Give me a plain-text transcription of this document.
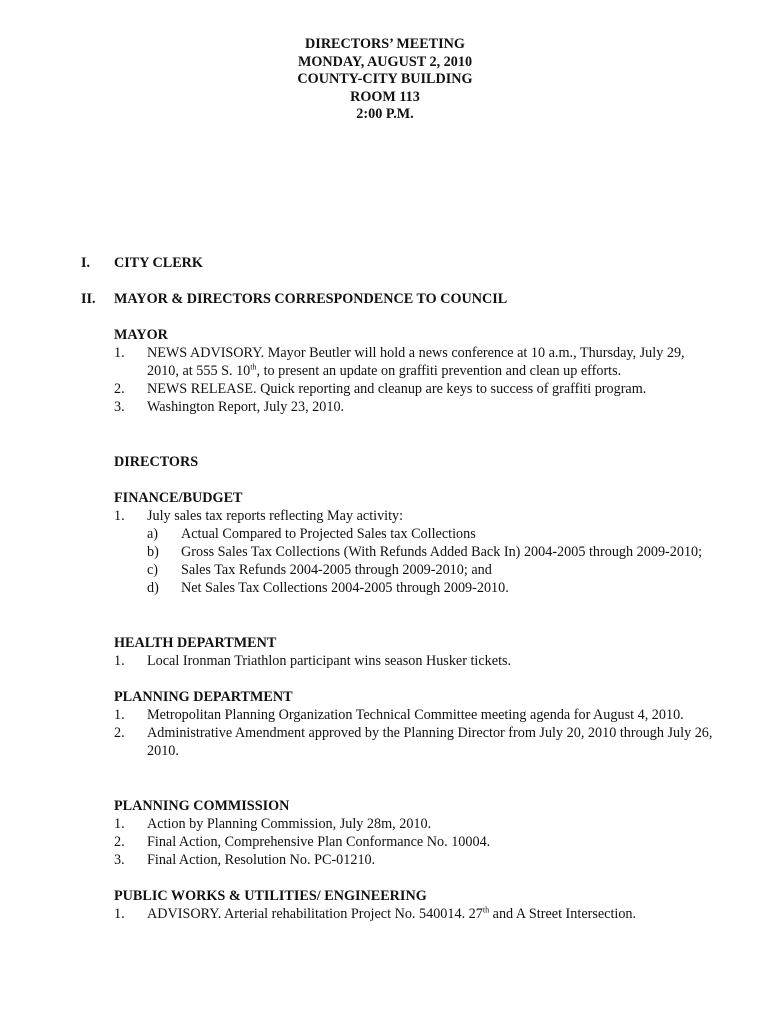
DIRECTORS’ MEETING
MONDAY, AUGUST 2, 2010
COUNTY-CITY BUILDING
ROOM 113
2:00 P.M.
I. CITY CLERK
II. MAYOR & DIRECTORS CORRESPONDENCE TO COUNCIL
MAYOR
1. NEWS ADVISORY. Mayor Beutler will hold a news conference at 10 a.m., Thursday, July 29, 2010, at 555 S. 10th, to present an update on graffiti prevention and clean up efforts.
2. NEWS RELEASE. Quick reporting and cleanup are keys to success of graffiti program.
3. Washington Report, July 23, 2010.
DIRECTORS
FINANCE/BUDGET
1. July sales tax reports reflecting May activity:
a) Actual Compared to Projected Sales tax Collections
b) Gross Sales Tax Collections (With Refunds Added Back In) 2004-2005 through 2009-2010;
c) Sales Tax Refunds 2004-2005 through 2009-2010; and
d) Net Sales Tax Collections 2004-2005 through 2009-2010.
HEALTH DEPARTMENT
1. Local Ironman Triathlon participant wins season Husker tickets.
PLANNING DEPARTMENT
1. Metropolitan Planning Organization Technical Committee meeting agenda for August 4, 2010.
2. Administrative Amendment approved by the Planning Director from July 20, 2010 through July 26, 2010.
PLANNING COMMISSION
1. Action by Planning Commission, July 28m, 2010.
2. Final Action, Comprehensive Plan Conformance No. 10004.
3. Final Action, Resolution No. PC-01210.
PUBLIC WORKS & UTILITIES/ ENGINEERING
1. ADVISORY. Arterial rehabilitation Project No. 540014. 27th and A Street Intersection.
